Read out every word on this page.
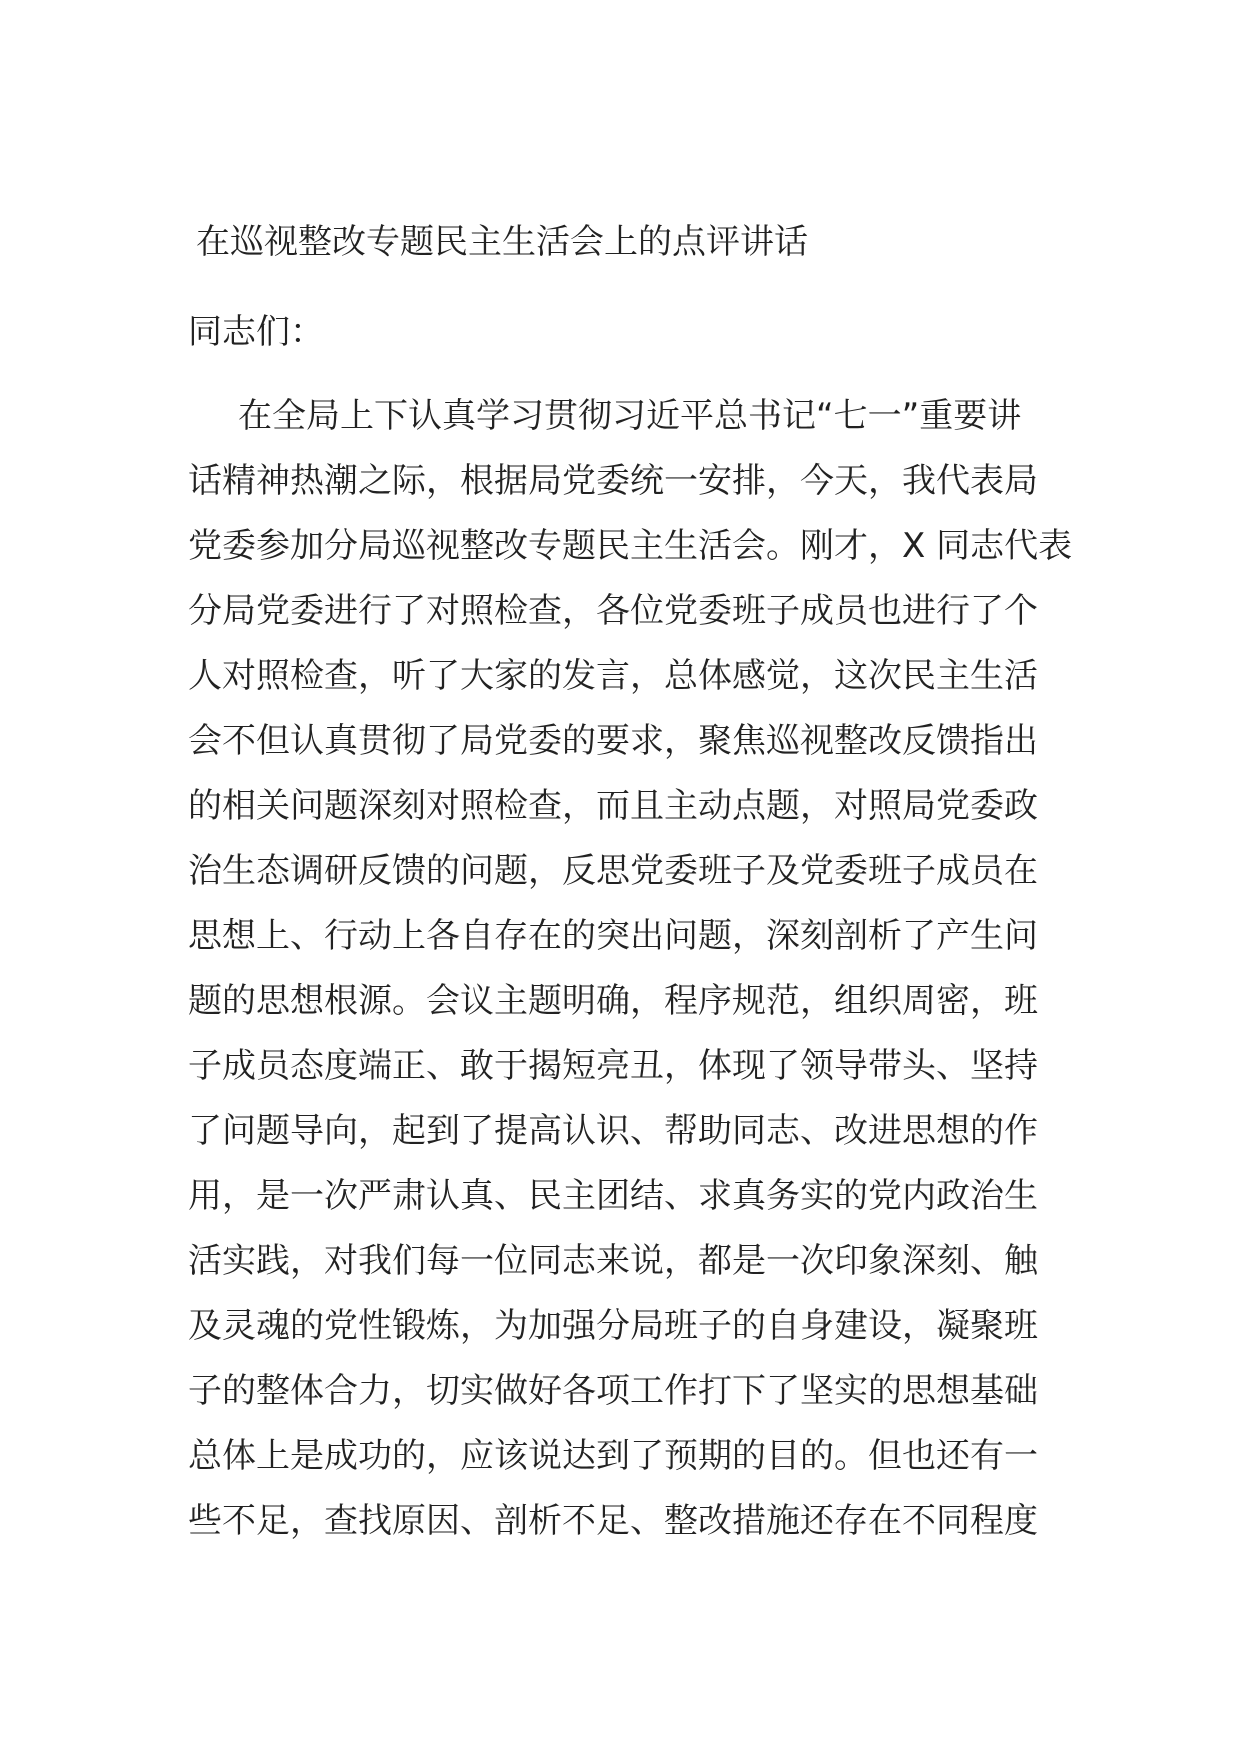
在巡视整改专题民主生活会上的点评讲话
同志们：
在全局上下认真学习贯彻习近平总书记“七一”重要讲
话精神热潮之际，根据局党委统一安排，今天，我代表局
党委参加分局巡视整改专题民主生活会。刚才，X 同志代表
分局党委进行了对照检查，各位党委班子成员也进行了个
人对照检查，听了大家的发言，总体感觉，这次民主生活
会不但认真贯彻了局党委的要求，聚焦巡视整改反馈指出
的相关问题深刻对照检查，而且主动点题，对照局党委政
治生态调研反馈的问题，反思党委班子及党委班子成员在
思想上、行动上各自存在的突出问题，深刻剖析了产生问
题的思想根源。会议主题明确，程序规范，组织周密，班
子成员态度端正、敢于揭短亮丑，体现了领导带头、坚持
了问题导向，起到了提高认识、帮助同志、改进思想的作
用，是一次严肃认真、民主团结、求真务实的党内政治生
活实践，对我们每一位同志来说，都是一次印象深刻、触
及灵魂的党性锻炼，为加强分局班子的自身建设，凝聚班
子的整体合力，切实做好各项工作打下了坚实的思想基础
总体上是成功的，应该说达到了预期的目的。但也还有一
些不足，查找原因、剖析不足、整改措施还存在不同程度
